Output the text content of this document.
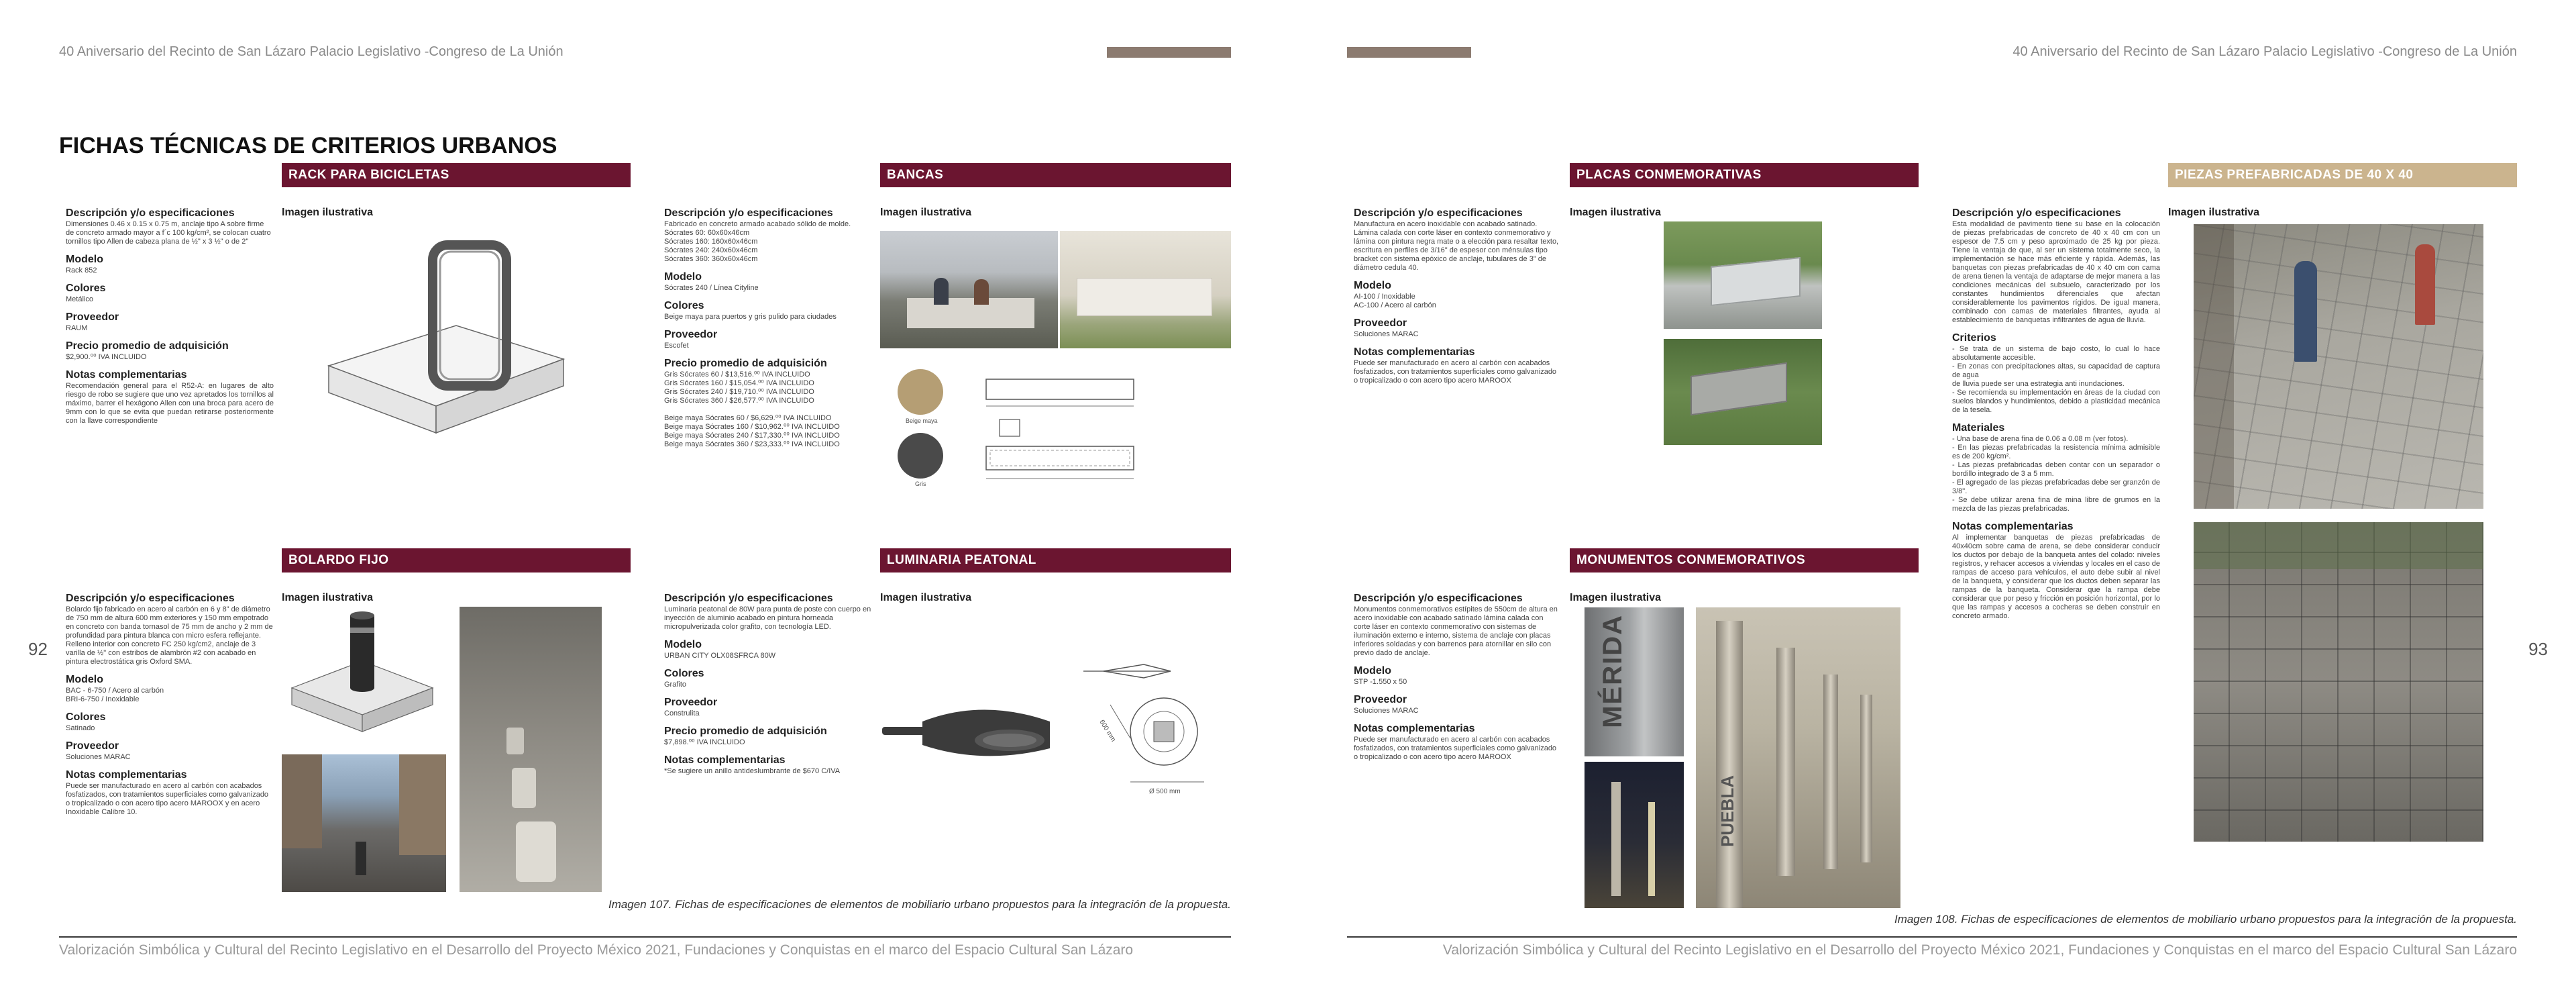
40 Aniversario del Recinto de San Lázaro Palacio Legislativo -Congreso de La Unión	40 Aniversario del Recinto de San Lázaro Palacio Legislativo -Congreso de La Unión
FICHAS TÉCNICAS DE CRITERIOS URBANOS
92	93
RACK PARA BICICLETAS
Descripción y/o especificaciones
Dimensiones 0.46 x 0.15 x 0.75 m, anclaje tipo A sobre firme de concreto armado mayor a f´c 100 kg/cm², se colocan cuatro tornillos tipo Allen de cabeza plana de ½" x 3 ½" o de 2"
Modelo
Rack 852
Colores
Metálico
Proveedor
RAUM
Precio promedio de adquisición
$2,900.⁰⁰ IVA INCLUIDO
Notas complementarias
Recomendación general para el R52-A: en lugares de alto riesgo de robo se sugiere que uno vez apretados los tornillos al máximo, barrer el hexágono Allen con una broca para acero de 9mm con lo que se evita que puedan retirarse posteriormente con la llave correspondiente
Imagen ilustrativa
BANCAS
Descripción y/o especificaciones
Fabricado en concreto armado acabado sólido de molde.
Sócrates 60: 60x60x46cm
Sócrates 160: 160x60x46cm
Sócrates 240: 240x60x46cm
Sócrates 360: 360x60x46cm
Modelo
Sócrates 240 / Línea Cityline
Colores
Beige maya para puertos y gris pulido para ciudades
Proveedor
Escofet
Precio promedio de adquisición
Gris Sócrates 60 / $13,516.⁰⁰ IVA INCLUIDO
Gris Sócrates 160 / $15,054.⁰⁰ IVA INCLUIDO
Gris Sócrates 240 / $19,710.⁰⁰ IVA INCLUIDO
Gris Sócrates 360 / $26,577.⁰⁰ IVA INCLUIDO

Beige maya Sócrates 60 / $6,629.⁰⁰ IVA INCLUIDO
Beige maya Sócrates 160 / $10,962.⁰⁰ IVA INCLUIDO
Beige maya Sócrates 240 / $17,330.⁰⁰ IVA INCLUIDO
Beige maya Sócrates 360 / $23,333.⁰⁰ IVA INCLUIDO
Imagen ilustrativa
Beige maya
Gris
BOLARDO FIJO
Descripción y/o especificaciones
Bolardo fijo fabricado en acero al carbón en 6 y 8" de diámetro de 750 mm de altura 600 mm exteriores y 150 mm empotrado en concreto con banda tornasol de 75 mm de ancho y 2 mm de profundidad para pintura blanca con micro esfera reflejante.
Relleno interior con concreto FC 250 kg/cm2, anclaje de 3 varilla de ½" con estribos de alambrón #2 con acabado en pintura electrostática gris Oxford SMA.
Modelo
BAC - 6-750 / Acero al carbón
BRI-6-750 / Inoxidable
Colores
Satinado
Proveedor
Soluciones MARAC
Notas complementarias
Puede ser manufacturado en acero al carbón con acabados fosfatizados, con tratamientos superficiales como galvanizado o tropicalizado o con acero tipo acero MAROOX y en acero Inoxidable Calibre 10.
Imagen ilustrativa
LUMINARIA PEATONAL
Descripción y/o especificaciones
Luminaria peatonal de 80W para punta de poste con cuerpo en inyección de aluminio acabado en pintura horneada micropulverizada color grafito, con tecnología LED.
Modelo
URBAN CITY OLX08SFRCA 80W
Colores
Grafito
Proveedor
Construlita
Precio promedio de adquisición
$7,898.⁰⁰ IVA INCLUIDO
Notas complementarias
*Se sugiere un anillo antideslumbrante de $670 C/IVA
Imagen ilustrativa
Ø 500 mm
600 mm
Imagen 107. Fichas de especificaciones de elementos de mobiliario urbano propuestos para la integración de la propuesta.
PLACAS CONMEMORATIVAS
Descripción y/o especificaciones
Manufactura en acero inoxidable con acabado satinado.
Lámina calada con corte láser en contexto conmemorativo y lámina con pintura negra mate o a elección para resaltar texto, escritura en perfiles de 3/16" de espesor con ménsulas tipo bracket con sistema epóxico de anclaje, tubulares de 3" de diámetro cedula 40.
Modelo
AI-100 / Inoxidable
AC-100 / Acero al carbón
Proveedor
Soluciones MARAC
Notas complementarias
Puede ser manufacturado en acero al carbón con acabados fosfatizados, con tratamientos superficiales como galvanizado o tropicalizado o con acero tipo acero MAROOX
Imagen ilustrativa
PIEZAS PREFABRICADAS DE 40 X 40
Descripción y/o especificaciones
Esta modalidad de pavimento tiene su base en la colocación de piezas prefabricadas de concreto de 40 x 40 cm con un espesor de 7.5 cm y peso aproximado de 25 kg por pieza. Tiene la ventaja de que, al ser un sistema totalmente seco, la implementación se hace más eficiente y rápida. Además, las banquetas con piezas prefabricadas de 40 x 40 cm con cama de arena tienen la ventaja de adaptarse de mejor manera a las condiciones mecánicas del subsuelo, caracterizado por los constantes hundimientos diferenciales que afectan considerablemente los pavimentos rígidos. De igual manera, combinado con camas de materiales filtrantes, ayuda al establecimiento de banquetas infiltrantes de agua de lluvia.
Criterios
- Se trata de un sistema de bajo costo, lo cual lo hace absolutamente accesible.
- En zonas con precipitaciones altas, su capacidad de captura de agua
de lluvia puede ser una estrategia anti inundaciones.
- Se recomienda su implementación en áreas de la ciudad con suelos blandos y hundimientos, debido a plasticidad mecánica de la tesela.
Materiales
- Una base de arena fina de 0.06 a 0.08 m (ver fotos).
- En las piezas prefabricadas la resistencia mínima admisible es de 200 kg/cm².
- Las piezas prefabricadas deben contar con un separador o bordillo integrado de 3 a 5 mm.
- El agregado de las piezas prefabricadas debe ser granzón de 3/8".
- Se debe utilizar arena fina de mina libre de grumos en la mezcla de las piezas prefabricadas.
Notas complementarias
Al implementar banquetas de piezas prefabricadas de 40x40cm sobre cama de arena, se debe considerar conducir los ductos por debajo de la banqueta antes del colado: niveles registros, y rehacer accesos a viviendas y locales en el caso de rampas de acceso para vehículos, el auto debe subir al nivel de la banqueta, y considerar que los ductos deben separar las rampas de la banqueta. Considerar que la rampa debe considerar que por peso y fricción en posición horizontal, por lo que las rampas y accesos a cocheras se deben construir en concreto armado.
Imagen ilustrativa
MONUMENTOS CONMEMORATIVOS
Descripción y/o especificaciones
Monumentos conmemorativos estípites de 550cm de altura en acero inoxidable con acabado satinado lámina calada con corte láser en contexto conmemorativo con sistemas de iluminación externo e interno, sistema de anclaje con placas inferiores soldadas y con barrenos para atornillar en silo con previo dado de anclaje.
Modelo
STP -1.550 x 50
Proveedor
Soluciones MARAC
Notas complementarias
Puede ser manufacturado en acero al carbón con acabados fosfatizados, con tratamientos superficiales como galvanizado o tropicalizado o con acero tipo acero MAROOX
Imagen ilustrativa
MÉRIDA
PUEBLA
Imagen 108. Fichas de especificaciones de elementos de mobiliario urbano propuestos para la integración de la propuesta.
Valorización Simbólica y Cultural del Recinto Legislativo en el Desarrollo del Proyecto México 2021, Fundaciones y Conquistas en el marco del Espacio Cultural San Lázaro	Valorización Simbólica y Cultural del Recinto Legislativo en el Desarrollo del Proyecto México 2021, Fundaciones y Conquistas en el marco del Espacio Cultural San Lázaro
